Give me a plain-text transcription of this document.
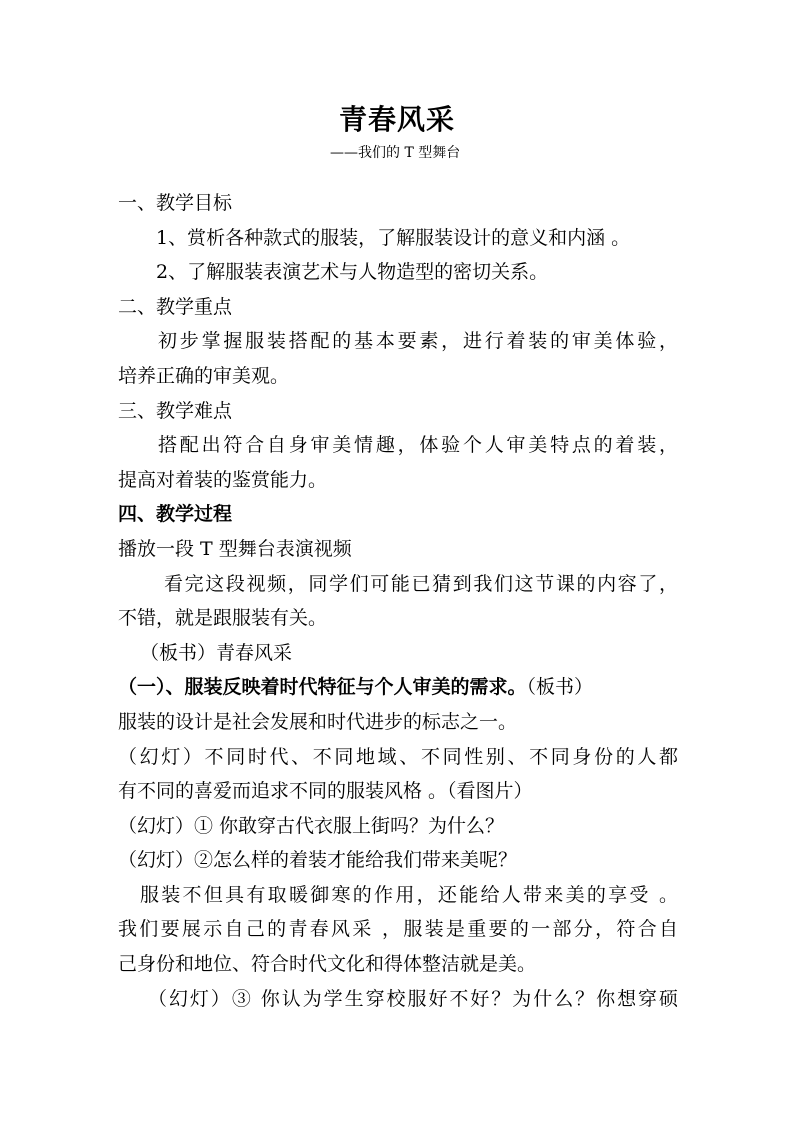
青春风采
——我们的 T 型舞台
一、教学目标
1、赏析各种款式的服装，了解服装设计的意义和内涵 。
2、了解服装表演艺术与人物造型的密切关系。
二、教学重点
初步掌握服装搭配的基本要素，进行着装的审美体验，
培养正确的审美观。
三、教学难点
搭配出符合自身审美情趣，体验个人审美特点的着装，
提高对着装的鉴赏能力。
四、教学过程
播放一段 T 型舞台表演视频
看完这段视频，同学们可能已猜到我们这节课的内容了，
不错，就是跟服装有关。
（板书）青春风采
（一）、服装反映着时代特征与个人审美的需求。（板书）
服装的设计是社会发展和时代进步的标志之一。
（幻灯）不同时代、不同地域、不同性别、不同身份的人都
有不同的喜爱而追求不同的服装风格 。（看图片）
（幻灯）① 你敢穿古代衣服上街吗？为什么？
（幻灯）②怎么样的着装才能给我们带来美呢？
服装不但具有取暖御寒的作用，还能给人带来美的享受 。
我们要展示自己的青春风采 ，服装是重要的一部分，符合自
己身份和地位、符合时代文化和得体整洁就是美。
（幻灯）③ 你认为学生穿校服好不好？为什么？你想穿硕
